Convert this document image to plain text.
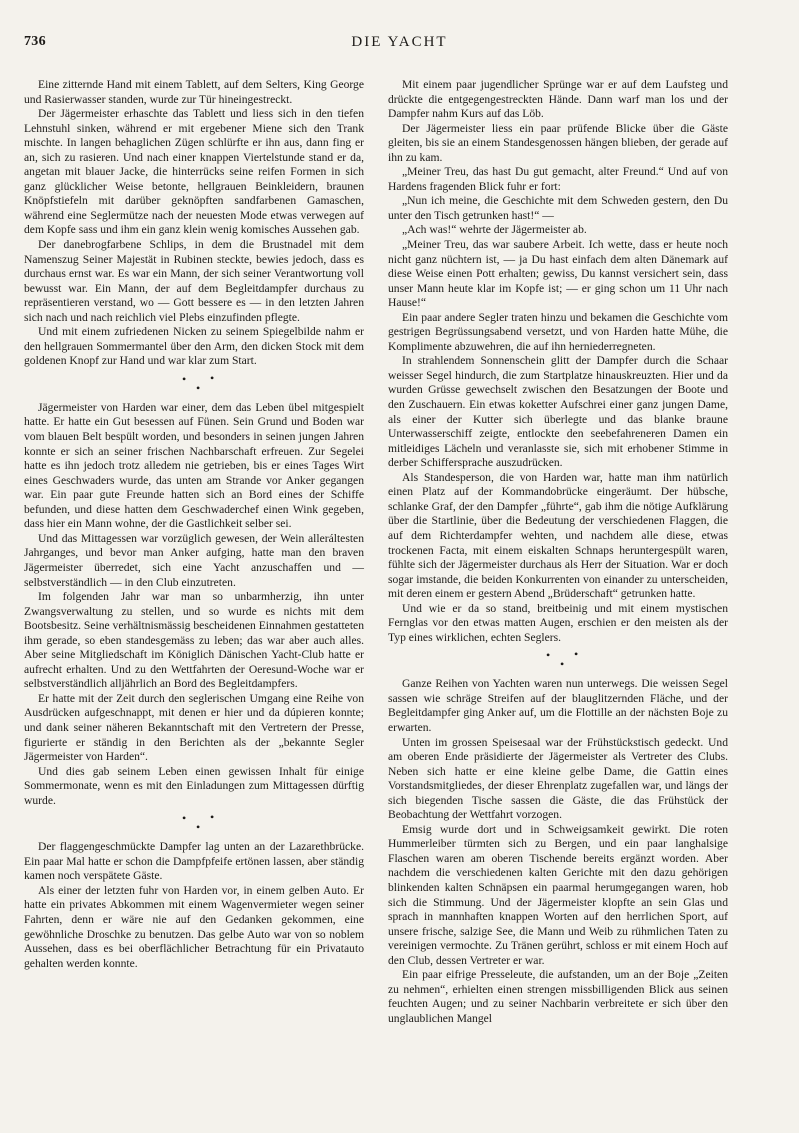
736	DIE YACHT

Eine zitternde Hand mit einem Tablett, auf dem Selters, King George und Rasierwasser standen, wurde zur Tür hineingestreckt.

Der Jägermeister erhaschte das Tablett und liess sich in den tiefen Lehnstuhl sinken, während er mit ergebener Miene sich den Trank mischte. In langen behaglichen Zügen schlürfte er ihn aus, dann fing er an, sich zu rasieren. Und nach einer knappen Viertelstunde stand er da, angetan mit blauer Jacke, die hinterrücks seine reifen Formen in sich ganz glücklicher Weise betonte, hellgrauen Beinkleidern, braunen Knöpfstiefeln mit darüber geknöpften sandfarbenen Gamaschen, während eine Seglermütze nach der neuesten Mode etwas verwegen auf dem Kopfe sass und ihm ein ganz klein wenig komisches Aussehen gab.

Der danebrogfarbene Schlips, in dem die Brustnadel mit dem Namenszug Seiner Majestät in Rubinen steckte, bewies jedoch, dass es durchaus ernst war. Es war ein Mann, der sich seiner Verantwortung voll bewusst war. Ein Mann, der auf dem Begleitdampfer durchaus zu repräsentieren verstand, wo — Gott bessere es — in den letzten Jahren sich nach und nach reichlich viel Plebs einzufinden pflegte.

Und mit einem zufriedenen Nicken zu seinem Spiegelbilde nahm er den hellgrauen Sommermantel über den Arm, den dicken Stock mit dem goldenen Knopf zur Hand und war klar zum Start.

• •
•

Jägermeister von Harden war einer, dem das Leben übel mitgespielt hatte. Er hatte ein Gut besessen auf Fünen. Sein Grund und Boden war vom blauen Belt bespült worden, und besonders in seinen jungen Jahren konnte er sich an seiner frischen Nachbarschaft erfreuen. Zur Segelei hatte es ihn jedoch trotz alledem nie getrieben, bis er eines Tages Wirt eines Geschwaders wurde, das unten am Strande vor Anker gegangen war. Ein paar gute Freunde hatten sich an Bord eines der Schiffe befunden, und diese hatten dem Geschwaderchef einen Wink gegeben, dass hier ein Mann wohne, der die Gastlichkeit selber sei.

Und das Mittagessen war vorzüglich gewesen, der Wein alleráltesten Jahrganges, und bevor man Anker aufging, hatte man den braven Jägermeister überredet, sich eine Yacht anzuschaffen und — selbstverständlich — in den Club einzutreten.

Im folgenden Jahr war man so unbarmherzig, ihn unter Zwangsverwaltung zu stellen, und so wurde es nichts mit dem Bootsbesitz. Seine verhältnismässig bescheidenen Einnahmen gestatteten ihm gerade, so eben standesgemäss zu leben; das war aber auch alles. Aber seine Mitgliedschaft im Königlich Dänischen Yacht-Club hatte er aufrecht erhalten. Und zu den Wettfahrten der Oeresund-Woche war er selbstverständlich alljährlich an Bord des Begleitdampfers.

Er hatte mit der Zeit durch den seglerischen Umgang eine Reihe von Ausdrücken aufgeschnappt, mit denen er hier und da dúpieren konnte; und dank seiner näheren Bekanntschaft mit den Vertretern der Presse, figurierte er ständig in den Berichten als der „bekannte Segler Jägermeister von Harden“.

Und dies gab seinem Leben einen gewissen Inhalt für einige Sommermonate, wenn es mit den Einladungen zum Mittagessen dürftig wurde.

• •
•

Der flaggengeschmückte Dampfer lag unten an der Lazarethbrücke. Ein paar Mal hatte er schon die Dampfpfeife ertönen lassen, aber ständig kamen noch verspätete Gäste.

Als einer der letzten fuhr von Harden vor, in einem gelben Auto. Er hatte ein privates Abkommen mit einem Wagenvermieter wegen seiner Fahrten, denn er wäre nie auf den Gedanken gekommen, eine gewöhnliche Droschke zu benutzen. Das gelbe Auto war von so noblem Aussehen, dass es bei oberflächlicher Betrachtung für ein Privatauto gehalten werden konnte.

Mit einem paar jugendlicher Sprünge war er auf dem Laufsteg und drückte die entgegengestreckten Hände. Dann warf man los und der Dampfer nahm Kurs auf das Löb.

Der Jägermeister liess ein paar prüfende Blicke über die Gäste gleiten, bis sie an einem Standesgenossen hängen blieben, der gerade auf ihn zu kam.

„Meiner Treu, das hast Du gut gemacht, alter Freund.“ Und auf von Hardens fragenden Blick fuhr er fort:

„Nun ich meine, die Geschichte mit dem Schweden gestern, den Du unter den Tisch getrunken hast!“ —

„Ach was!“ wehrte der Jägermeister ab.

„Meiner Treu, das war saubere Arbeit. Ich wette, dass er heute noch nicht ganz nüchtern ist, — ja Du hast einfach dem alten Dänemark auf diese Weise einen Pott erhalten; gewiss, Du kannst versichert sein, dass unser Mann heute klar im Kopfe ist; — er ging schon um 11 Uhr nach Hause!“

Ein paar andere Segler traten hinzu und bekamen die Geschichte vom gestrigen Begrüssungsabend versetzt, und von Harden hatte Mühe, die Komplimente abzuwehren, die auf ihn herniederregneten.

In strahlendem Sonnenschein glitt der Dampfer durch die Schaar weisser Segel hindurch, die zum Startplatze hinauskreuzten. Hier und da wurden Grüsse gewechselt zwischen den Besatzungen der Boote und den Zuschauern. Ein etwas koketter Aufschrei einer ganz jungen Dame, als einer der Kutter sich überlegte und das blanke braune Unterwasserschiff zeigte, entlockte den seebefahreneren Damen ein mitleidiges Lächeln und veranlasste sie, sich mit erhobener Stimme in derber Schiffersprache auszudrücken.

Als Standesperson, die von Harden war, hatte man ihm natürlich einen Platz auf der Kommandobrücke eingeräumt. Der hübsche, schlanke Graf, der den Dampfer „führte“, gab ihm die nötige Aufklärung über die Startlinie, über die Bedeutung der verschiedenen Flaggen, die auf dem Richterdampfer wehten, und nachdem alle diese, etwas trockenen Facta, mit einem eiskalten Schnaps heruntergespült waren, fühlte sich der Jägermeister durchaus als Herr der Situation. War er doch sogar imstande, die beiden Konkurrenten von einander zu unterscheiden, mit deren einem er gestern Abend „Brüderschaft“ getrunken hatte.

Und wie er da so stand, breitbeinig und mit einem mystischen Fernglas vor den etwas matten Augen, erschien er den meisten als der Typ eines wirklichen, echten Seglers.

• •
•

Ganze Reihen von Yachten waren nun unterwegs. Die weissen Segel sassen wie schräge Streifen auf der blauglitzernden Fläche, und der Begleitdampfer ging Anker auf, um die Flottille an der nächsten Boje zu erwarten.

Unten im grossen Speisesaal war der Frühstückstisch gedeckt. Und am oberen Ende präsidierte der Jägermeister als Vertreter des Clubs. Neben sich hatte er eine kleine gelbe Dame, die Gattin eines Vorstandsmitgliedes, der dieser Ehrenplatz zugefallen war, und längs der sich biegenden Tische sassen die Gäste, die das Frühstück der Beobachtung der Wettfahrt vorzogen.

Emsig wurde dort und in Schweigsamkeit gewirkt. Die roten Hummerleiber türmten sich zu Bergen, und ein paar langhalsige Flaschen waren am oberen Tischende bereits ergänzt worden. Aber nachdem die verschiedenen kalten Gerichte mit den dazu gehörigen blinkenden kalten Schnäpsen ein paarmal herumgegangen waren, hob sich die Stimmung. Und der Jägermeister klopfte an sein Glas und sprach in mannhaften knappen Worten auf den herrlichen Sport, auf unsere frische, salzige See, die Mann und Weib zu rühmlichen Taten zu vereinigen vermochte. Zu Tränen gerührt, schloss er mit einem Hoch auf den Club, dessen Vertreter er war.

Ein paar eifrige Presseleute, die aufstanden, um an der Boje „Zeiten zu nehmen“, erhielten einen strengen missbilligenden Blick aus seinen feuchten Augen; und zu seiner Nachbarin verbreitete er sich über den unglaublichen Mangel
